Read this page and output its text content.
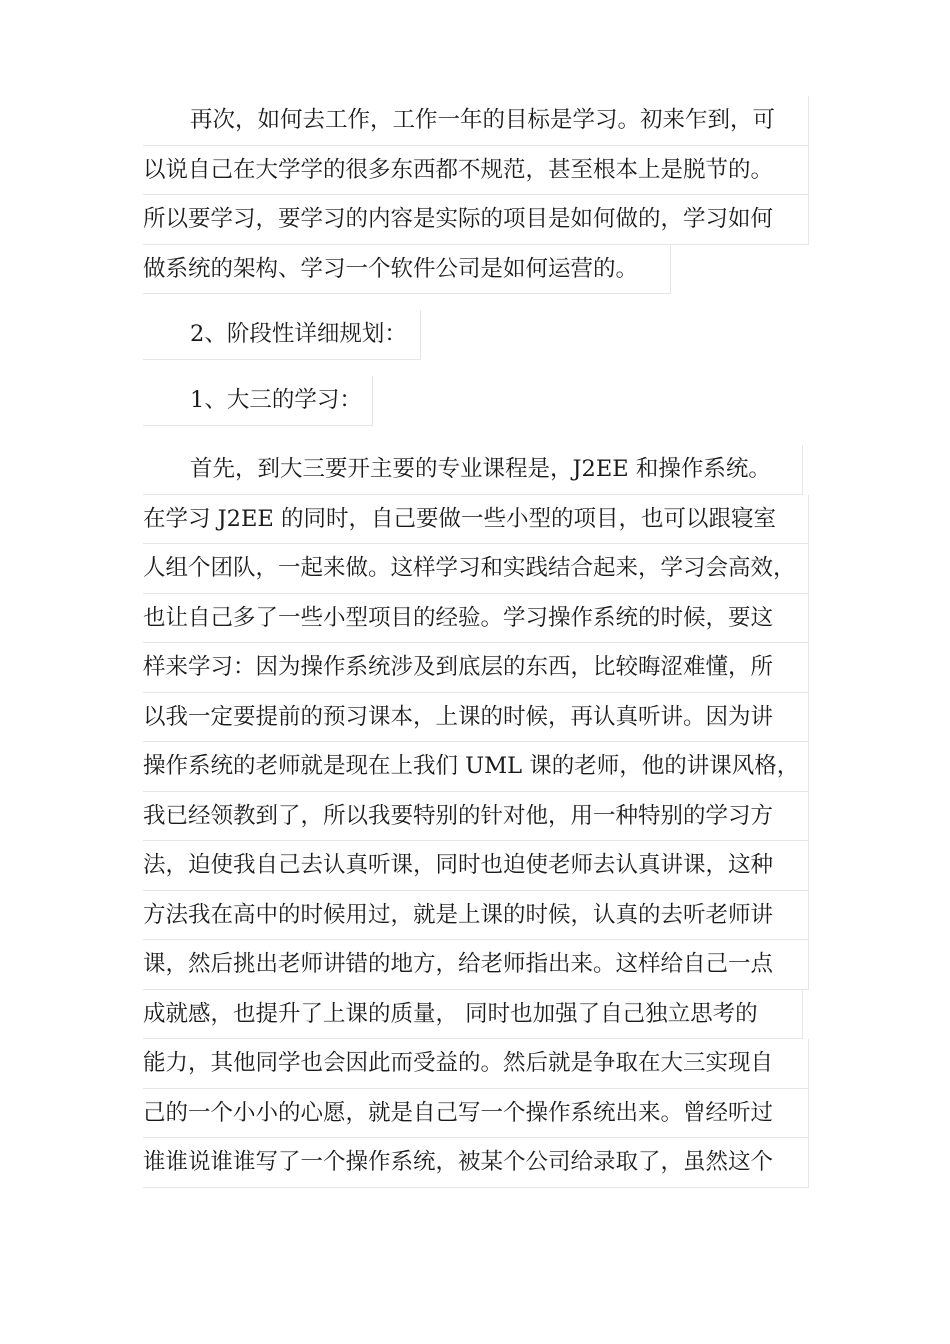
再次，如何去工作，工作一年的目标是学习。初来乍到，可
以说自己在大学学的很多东西都不规范，甚至根本上是脱节的。
所以要学习，要学习的内容是实际的项目是如何做的，学习如何
做系统的架构、学习一个软件公司是如何运营的。
2、阶段性详细规划：
1、大三的学习：
首先，到大三要开主要的专业课程是，J2EE 和操作系统。
在学习 J2EE 的同时，自己要做一些小型的项目，也可以跟寝室
人组个团队，一起来做。这样学习和实践结合起来，学习会高效，
也让自己多了一些小型项目的经验。学习操作系统的时候，要这
样来学习：因为操作系统涉及到底层的东西，比较晦涩难懂，所
以我一定要提前的预习课本，上课的时候，再认真听讲。因为讲
操作系统的老师就是现在上我们 UML 课的老师，他的讲课风格，
我已经领教到了，所以我要特别的针对他，用一种特别的学习方
法，迫使我自己去认真听课，同时也迫使老师去认真讲课，这种
方法我在高中的时候用过，就是上课的时候，认真的去听老师讲
课，然后挑出老师讲错的地方，给老师指出来。这样给自己一点
成就感，也提升了上课的质量， 同时也加强了自己独立思考的
能力，其他同学也会因此而受益的。然后就是争取在大三实现自
己的一个小小的心愿，就是自己写一个操作系统出来。曾经听过
谁谁说谁谁写了一个操作系统，被某个公司给录取了，虽然这个
